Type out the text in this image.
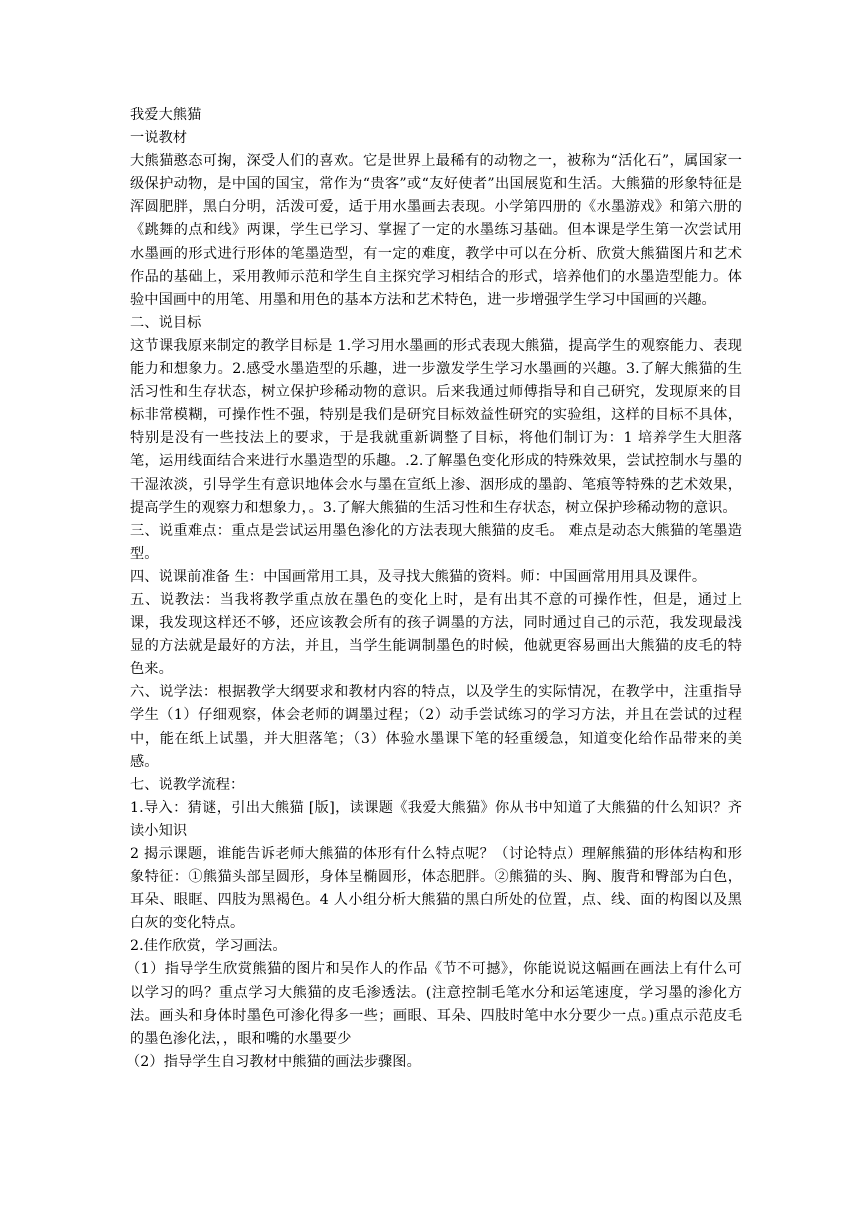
我爱大熊猫

一说教材

大熊猫憨态可掬，深受人们的喜欢。它是世界上最稀有的动物之一，被称为“活化石”，属国家一级保护动物，是中国的国宝，常作为“贵客”或“友好使者”出国展览和生活。大熊猫的形象特征是浑圆肥胖，黑白分明，活泼可爱，适于用水墨画去表现。小学第四册的《水墨游戏》和第六册的《跳舞的点和线》两课，学生已学习、掌握了一定的水墨练习基础。但本课是学生第一次尝试用水墨画的形式进行形体的笔墨造型，有一定的难度，教学中可以在分析、欣赏大熊猫图片和艺术作品的基础上，采用教师示范和学生自主探究学习相结合的形式，培养他们的水墨造型能力。体验中国画中的用笔、用墨和用色的基本方法和艺术特色，进一步增强学生学习中国画的兴趣。

二、说目标

这节课我原来制定的教学目标是 1.学习用水墨画的形式表现大熊猫，提高学生的观察能力、表现能力和想象力。2.感受水墨造型的乐趣，进一步激发学生学习水墨画的兴趣。3.了解大熊猫的生活习性和生存状态，树立保护珍稀动物的意识。后来我通过师傅指导和自己研究，发现原来的目标非常模糊，可操作性不强，特别是我们是研究目标效益性研究的实验组，这样的目标不具体，特别是没有一些技法上的要求，于是我就重新调整了目标，将他们制订为：1 培养学生大胆落笔，运用线面结合来进行水墨造型的乐趣。.2.了解墨色变化形成的特殊效果，尝试控制水与墨的干湿浓淡，引导学生有意识地体会水与墨在宣纸上渗、洇形成的墨韵、笔痕等特殊的艺术效果，提高学生的观察力和想象力，。3.了解大熊猫的生活习性和生存状态，树立保护珍稀动物的意识。

三、说重难点：重点是尝试运用墨色渗化的方法表现大熊猫的皮毛。 难点是动态大熊猫的笔墨造型。

四、说课前准备 生：中国画常用工具，及寻找大熊猫的资料。师：中国画常用用具及课件。

五、说教法：当我将教学重点放在墨色的变化上时，是有出其不意的可操作性，但是，通过上课，我发现这样还不够，还应该教会所有的孩子调墨的方法，同时通过自己的示范，我发现最浅显的方法就是最好的方法，并且，当学生能调制墨色的时候，他就更容易画出大熊猫的皮毛的特色来。

六、说学法：根据教学大纲要求和教材内容的特点，以及学生的实际情况，在教学中，注重指导学生（1）仔细观察，体会老师的调墨过程；（2）动手尝试练习的学习方法，并且在尝试的过程中，能在纸上试墨，并大胆落笔；（3）体验水墨课下笔的轻重缓急，知道变化给作品带来的美感。

七、说教学流程：

1.导入：猜谜，引出大熊猫 [版]，读课题《我爱大熊猫》你从书中知道了大熊猫的什么知识？齐读小知识

2 揭示课题，谁能告诉老师大熊猫的体形有什么特点呢？（讨论特点）理解熊猫的形体结构和形象特征：①熊猫头部呈圆形，身体呈椭圆形，体态肥胖。②熊猫的头、胸、腹背和臀部为白色，耳朵、眼眶、四肢为黑褐色。4 人小组分析大熊猫的黑白所处的位置，点、线、面的构图以及黑白灰的变化特点。

2.佳作欣赏，学习画法。

（1）指导学生欣赏熊猫的图片和吴作人的作品《节不可撼》，你能说说这幅画在画法上有什么可以学习的吗？重点学习大熊猫的皮毛渗透法。(注意控制毛笔水分和运笔速度，学习墨的渗化方法。画头和身体时墨色可渗化得多一些；画眼、耳朵、四肢时笔中水分要少一点。)重点示范皮毛的墨色渗化法，，眼和嘴的水墨要少

（2）指导学生自习教材中熊猫的画法步骤图。
